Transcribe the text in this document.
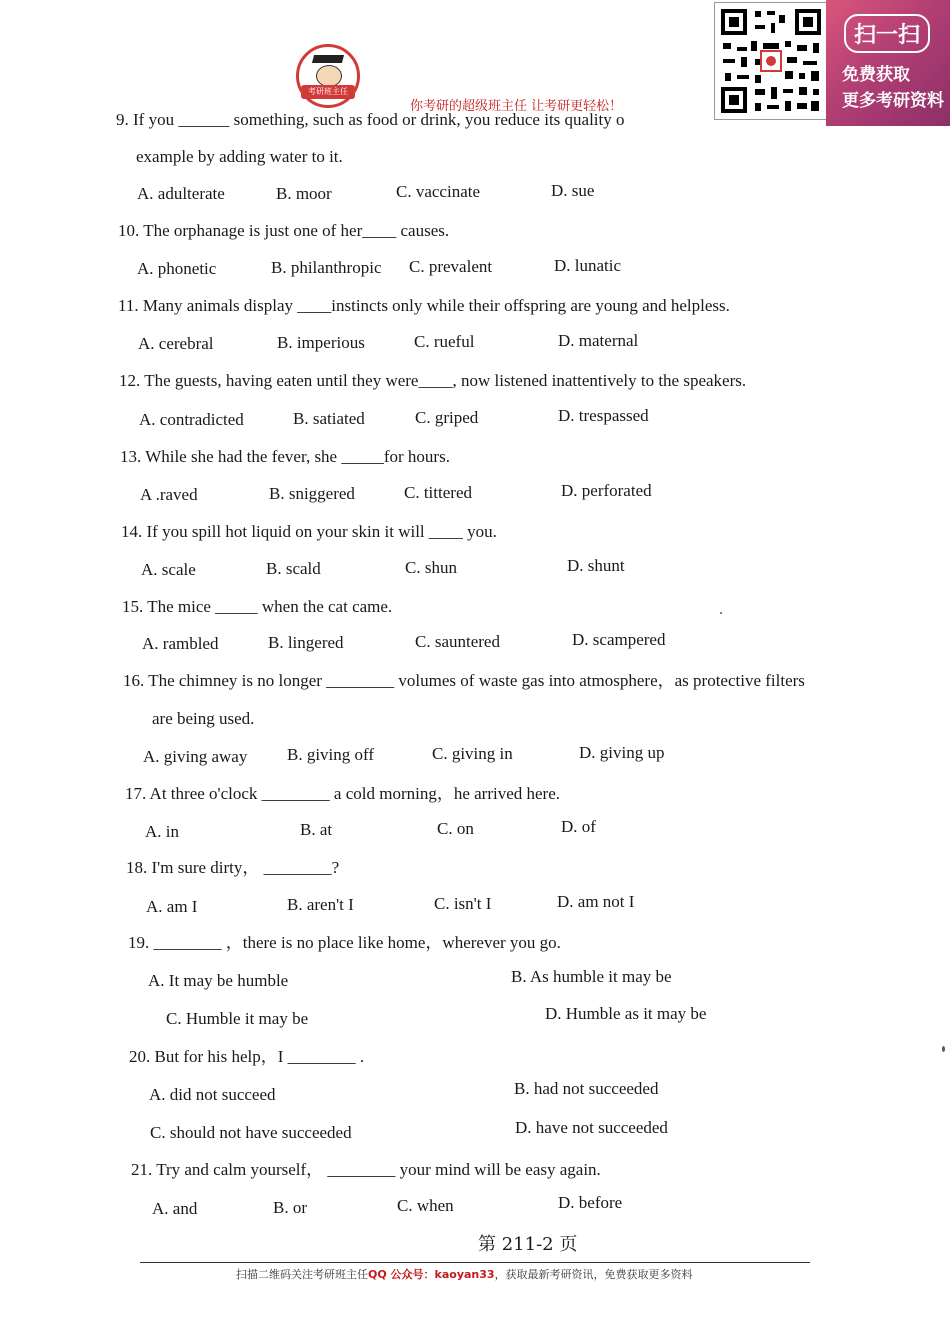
考研班主任
你考研的超级班主任 让考研更轻松！
扫一扫
免费获取
更多考研资料
9. If you ______ something, such as food or drink, you reduce its quality o
example by adding water to it.
A. adulterate	B. moor	C. vaccinate	D. sue
10. The orphanage is just one of her____ causes.
A. phonetic	B. philanthropic C. prevalent	D. lunatic
11. Many animals display ____instincts only while their offspring are young and helpless.
A. cerebral	B. imperious	C. rueful	D. maternal
12. The guests, having eaten until they were____, now listened inattentively to the speakers.
A. contradicted	B. satiated	C. griped	D. trespassed
13. While she had the fever, she _____for hours.
A .raved	B. sniggered	C. tittered	D. perforated
14. If you spill hot liquid on your skin it will ____ you.
A. scale	B. scald	C. shun	D. shunt
15. The mice _____ when the cat came.
A. rambled	B. lingered	C. sauntered	D. scampered
16. The chimney is no longer ________ volumes of waste gas into atmosphere，as protective filters
are being used.
A. giving away B. giving off	C. giving in	D. giving up
17. At three o'clock ________ a cold morning，he arrived here.
A. in	B. at	C. on	D. of
18. I'm sure dirty， ________?
A. am I	B. aren't I	C. isn't I	D. am not I
19. ________ ，there is no place like home，wherever you go.
A. It may be humble	B. As humble it may be
C. Humble it may be	D. Humble as it may be
20. But for his help，I ________ .
A. did not succeed	B. had not succeeded
C. should not have succeeded	D. have not succeeded
21. Try and calm yourself， ________ your mind will be easy again.
A. and	B. or	C. when	D. before
第 211-2 页
扫描二维码关注考研班主任QQ 公众号：kaoyan33，获取最新考研资讯，免费获取更多资料
